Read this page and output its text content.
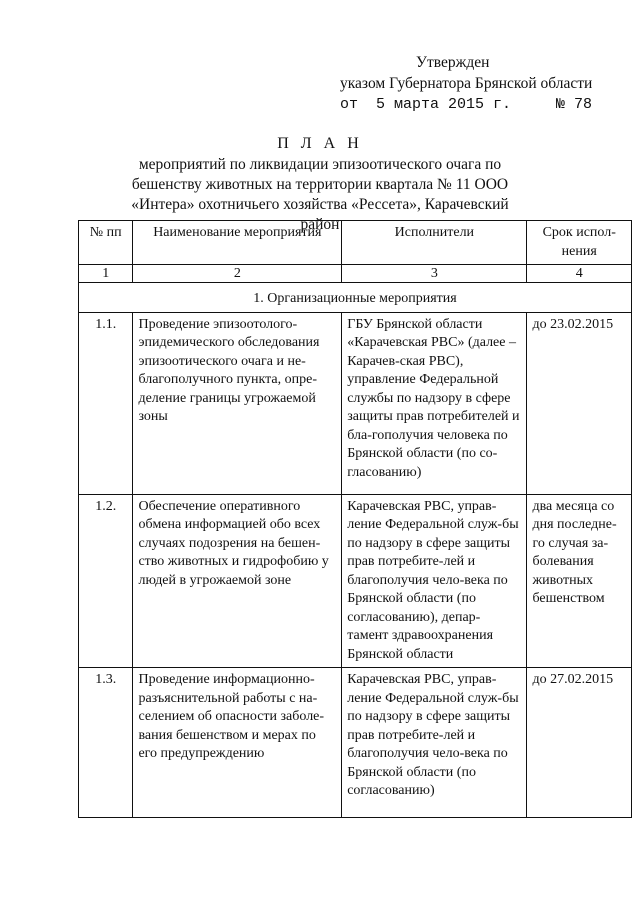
Утвержден
указом Губернатора Брянской области
от  5 марта 2015 г.     № 78
П Л А Н
мероприятий по ликвидации эпизоотического очага по бешенству животных на территории квартала № 11 ООО «Интера» охотничьего хозяйства «Рессета», Карачевский район
№ пп	Наименование мероприятия	Исполнители	Срок испол-нения
1	2	3	4
1. Организационные мероприятия			
1.1.	Проведение эпизоотолого-эпидемического обследования эпизоотического очага и не-благополучного пункта, опре-деление границы угрожаемой зоны	ГБУ Брянской области «Карачевская РВС» (далее – Карачев-ская РВС), управление Федеральной службы по надзору в сфере защиты прав потребителей и бла-гополучия человека по Брянской области (по со-гласованию)	до 23.02.2015
1.2.	Обеспечение оперативного обмена информацией обо всех случаях подозрения на бешен-ство животных и гидрофобию у людей в угрожаемой зоне	Карачевская РВС, управ-ление Федеральной служ-бы по надзору в сфере защиты прав потребите-лей и благополучия чело-века по Брянской области (по согласованию), депар-тамент здравоохранения Брянской области	два месяца со дня последне-го случая за-болевания животных бешенством
1.3.	Проведение информационно-разъяснительной работы с на-селением об опасности заболе-вания бешенством и мерах по его предупреждению	Карачевская РВС, управ-ление Федеральной служ-бы по надзору в сфере защиты прав потребите-лей и благополучия чело-века по Брянской области (по согласованию)	до 27.02.2015
